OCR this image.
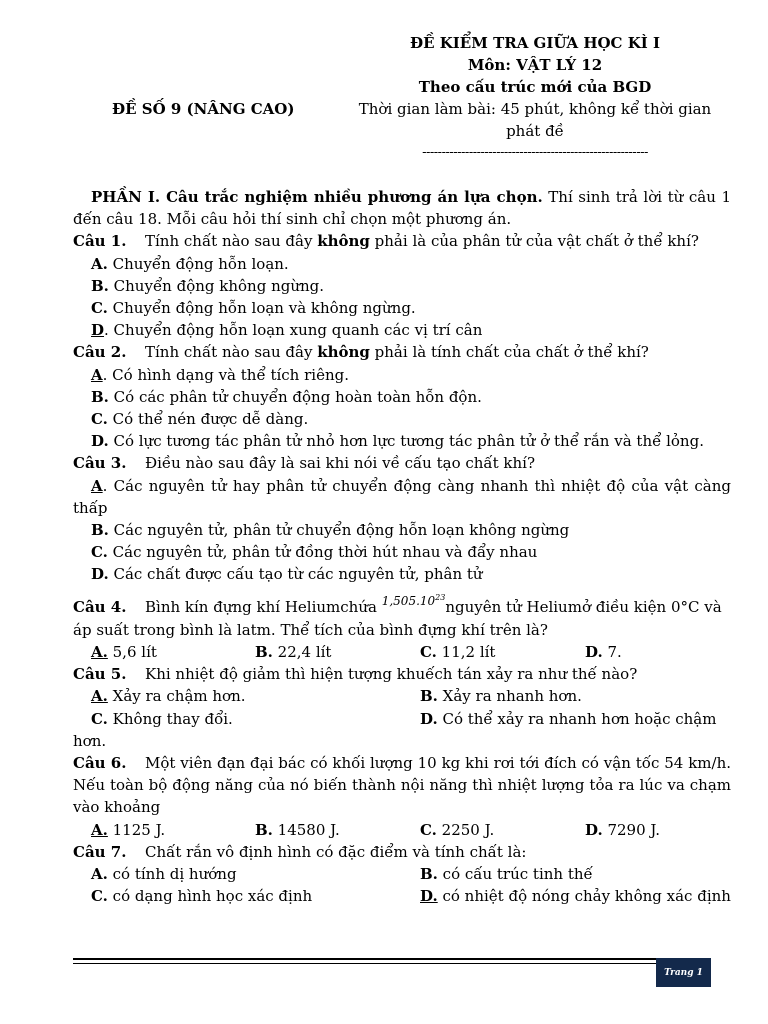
ĐỀ KIỂM TRA GIỮA HỌC KÌ I
Môn: VẬT LÝ 12
Theo cấu trúc mới của BGD
Thời gian làm bài: 45 phút, không kể thời gian phát đề
----------------------------------------------------------
ĐỀ SỐ 9 (NÂNG CAO)

PHẦN I. Câu trắc nghiệm nhiều phương án lựa chọn. Thí sinh trả lời từ câu 1 đến câu 18. Mỗi câu hỏi thí sinh chỉ chọn một phương án.

Câu 1. Tính chất nào sau đây không phải là của phân tử của vật chất ở thể khí?

A. Chuyển động hỗn loạn.

B. Chuyển động không ngừng.

C. Chuyển động hỗn loạn và không ngừng.

D. Chuyển động hỗn loạn xung quanh các vị trí cân

Câu 2. Tính chất nào sau đây không phải là tính chất của chất ở thể khí?

A. Có hình dạng và thể tích riêng.

B. Có các phân tử chuyển động hoàn toàn hỗn độn.

C. Có thể nén được dễ dàng.

D. Có lực tương tác phân tử nhỏ hơn lực tương tác phân tử ở thể rắn và thể lỏng.

Câu 3. Điều nào sau đây là sai khi nói về cấu tạo chất khí?

A. Các nguyên tử hay phân tử chuyển động càng nhanh thì nhiệt độ của vật càng thấp

B. Các nguyên tử, phân tử chuyển động hỗn loạn không ngừng

C. Các nguyên tử, phân tử đồng thời hút nhau và đẩy nhau

D. Các chất được cấu tạo từ các nguyên tử, phân tử

Câu 4. Bình kín đựng khí Heliumchứa $^{1,505.10^{23}}$nguyên tử Heliumở điều kiện 0°C và áp suất trong bình là latm. Thể tích của bình đựng khí trên là?

A. 5,6 lít	B. 22,4 lít	C. 11,2 lít	D. 7.

Câu 5. Khi nhiệt độ giảm thì hiện tượng khuếch tán xảy ra như thế nào?

A. Xảy ra chậm hơn.	B. Xảy ra nhanh hơn.

C. Không thay đổi.	D. Có thể xảy ra nhanh hơn hoặc chậm hơn.

Câu 6. Một viên đạn đại bác có khối lượng 10 kg khi rơi tới đích có vận tốc 54 km/h. Nếu toàn bộ động năng của nó biến thành nội năng thì nhiệt lượng tỏa ra lúc va chạm vào khoảng

A. 1125 J.	B. 14580 J.	C. 2250 J.	D. 7290 J.

Câu 7. Chất rắn vô định hình có đặc điểm và tính chất là:

A. có tính dị hướng	B. có cấu trúc tinh thế

C. có dạng hình học xác định	D. có nhiệt độ nóng chảy không xác định

Trang 1
